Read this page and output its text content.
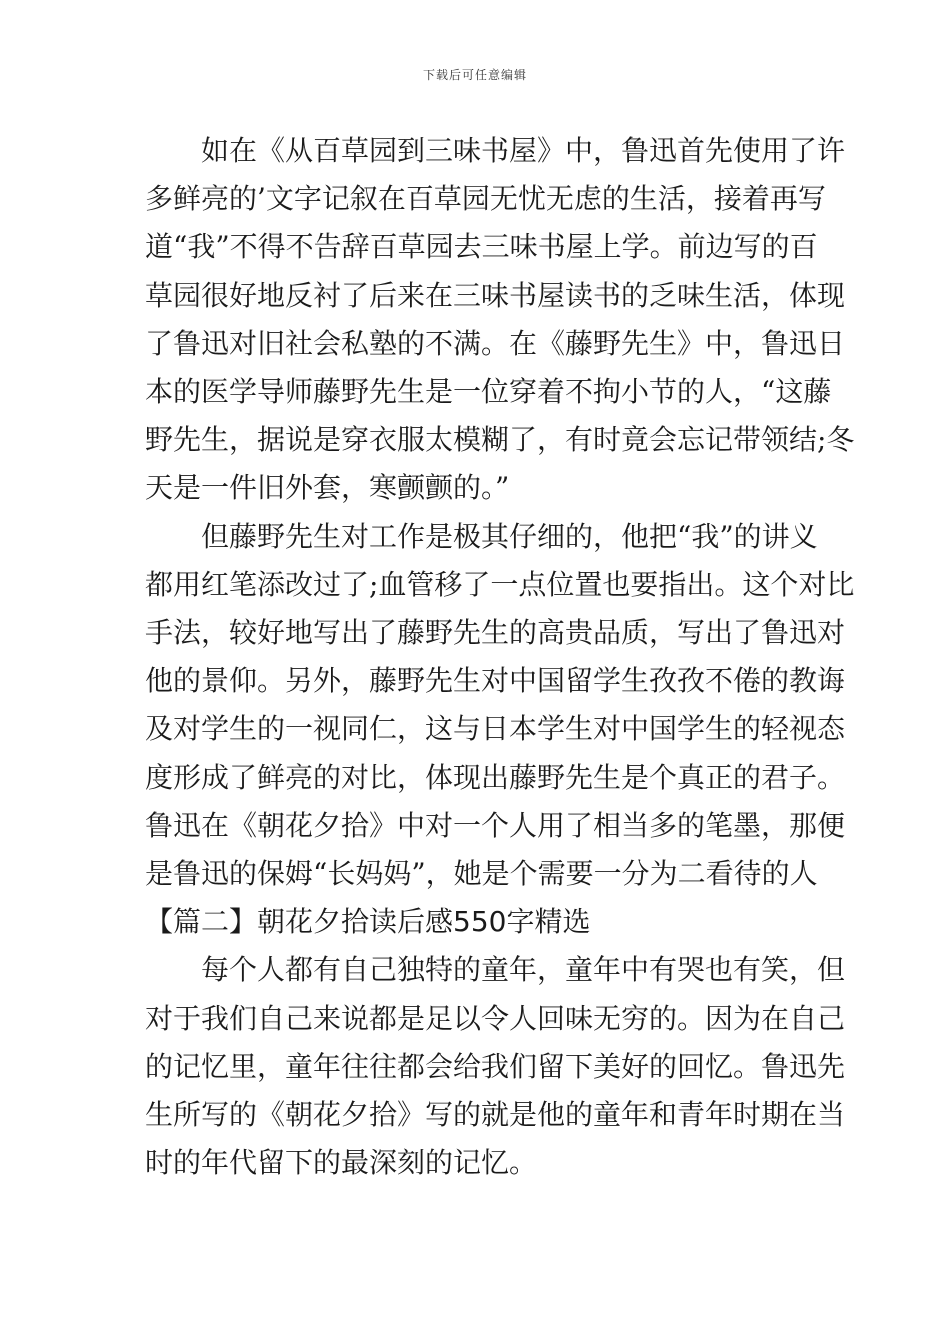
下载后可任意编辑
如在《从百草园到三味书屋》中，鲁迅首先使用了许
多鲜亮的’文字记叙在百草园无忧无虑的生活，接着再写
道“我”不得不告辞百草园去三味书屋上学。前边写的百
草园很好地反衬了后来在三味书屋读书的乏味生活，体现
了鲁迅对旧社会私塾的不满。在《藤野先生》中，鲁迅日
本的医学导师藤野先生是一位穿着不拘小节的人，“这藤
野先生，据说是穿衣服太模糊了，有时竟会忘记带领结;冬
天是一件旧外套，寒颤颤的。”
但藤野先生对工作是极其仔细的，他把“我”的讲义
都用红笔添改过了;血管移了一点位置也要指出。这个对比
手法，较好地写出了藤野先生的高贵品质，写出了鲁迅对
他的景仰。另外，藤野先生对中国留学生孜孜不倦的教诲
及对学生的一视同仁，这与日本学生对中国学生的轻视态
度形成了鲜亮的对比，体现出藤野先生是个真正的君子。
鲁迅在《朝花夕拾》中对一个人用了相当多的笔墨，那便
是鲁迅的保姆“长妈妈”，她是个需要一分为二看待的人
【篇二】朝花夕拾读后感550字精选
每个人都有自己独特的童年，童年中有哭也有笑，但
对于我们自己来说都是足以令人回味无穷的。因为在自己
的记忆里，童年往往都会给我们留下美好的回忆。鲁迅先
生所写的《朝花夕拾》写的就是他的童年和青年时期在当
时的年代留下的最深刻的记忆。
